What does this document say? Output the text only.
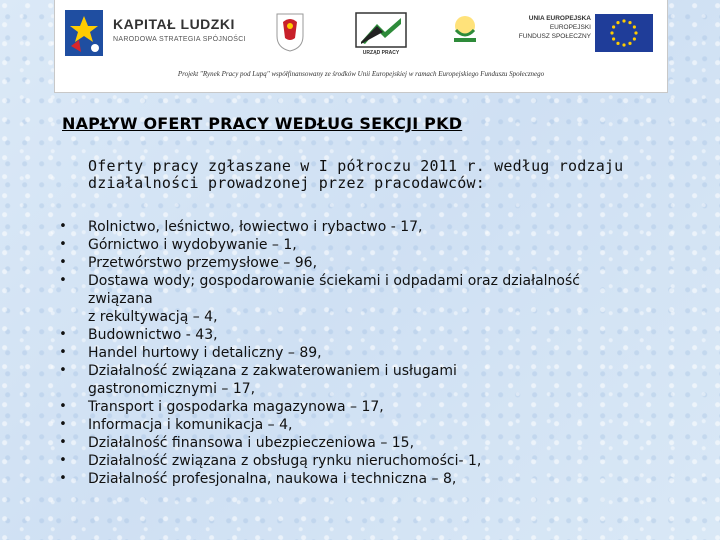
KAPITAŁ LUDZKI
NARODOWA STRATEGIA SPÓJNOŚCI
URZĄD PRACY
UNIA EUROPEJSKA
EUROPEJSKI
FUNDUSZ SPOŁECZNY
Projekt "Rynek Pracy pod Lupą" współfinansowany ze środków Unii Europejskiej w ramach Europejskiego Funduszu Społecznego
NAPŁYW OFERT PRACY WEDŁUG SEKCJI PKD
Oferty pracy zgłaszane w I półroczu 2011 r. według rodzaju
działalności prowadzonej przez pracodawców:
• Rolnictwo, leśnictwo, łowiectwo i rybactwo - 17,
• Górnictwo i wydobywanie – 1,
• Przetwórstwo przemysłowe – 96,
• Dostawa wody; gospodarowanie ściekami i odpadami oraz działalność
związana
z rekultywacją – 4,
• Budownictwo - 43,
• Handel hurtowy i detaliczny – 89,
• Działalność związana z zakwaterowaniem i usługami
gastronomicznymi – 17,
• Transport i gospodarka magazynowa – 17,
• Informacja i komunikacja – 4,
• Działalność finansowa i ubezpieczeniowa – 15,
• Działalność związana z obsługą rynku nieruchomości- 1,
• Działalność profesjonalna, naukowa i techniczna – 8,
